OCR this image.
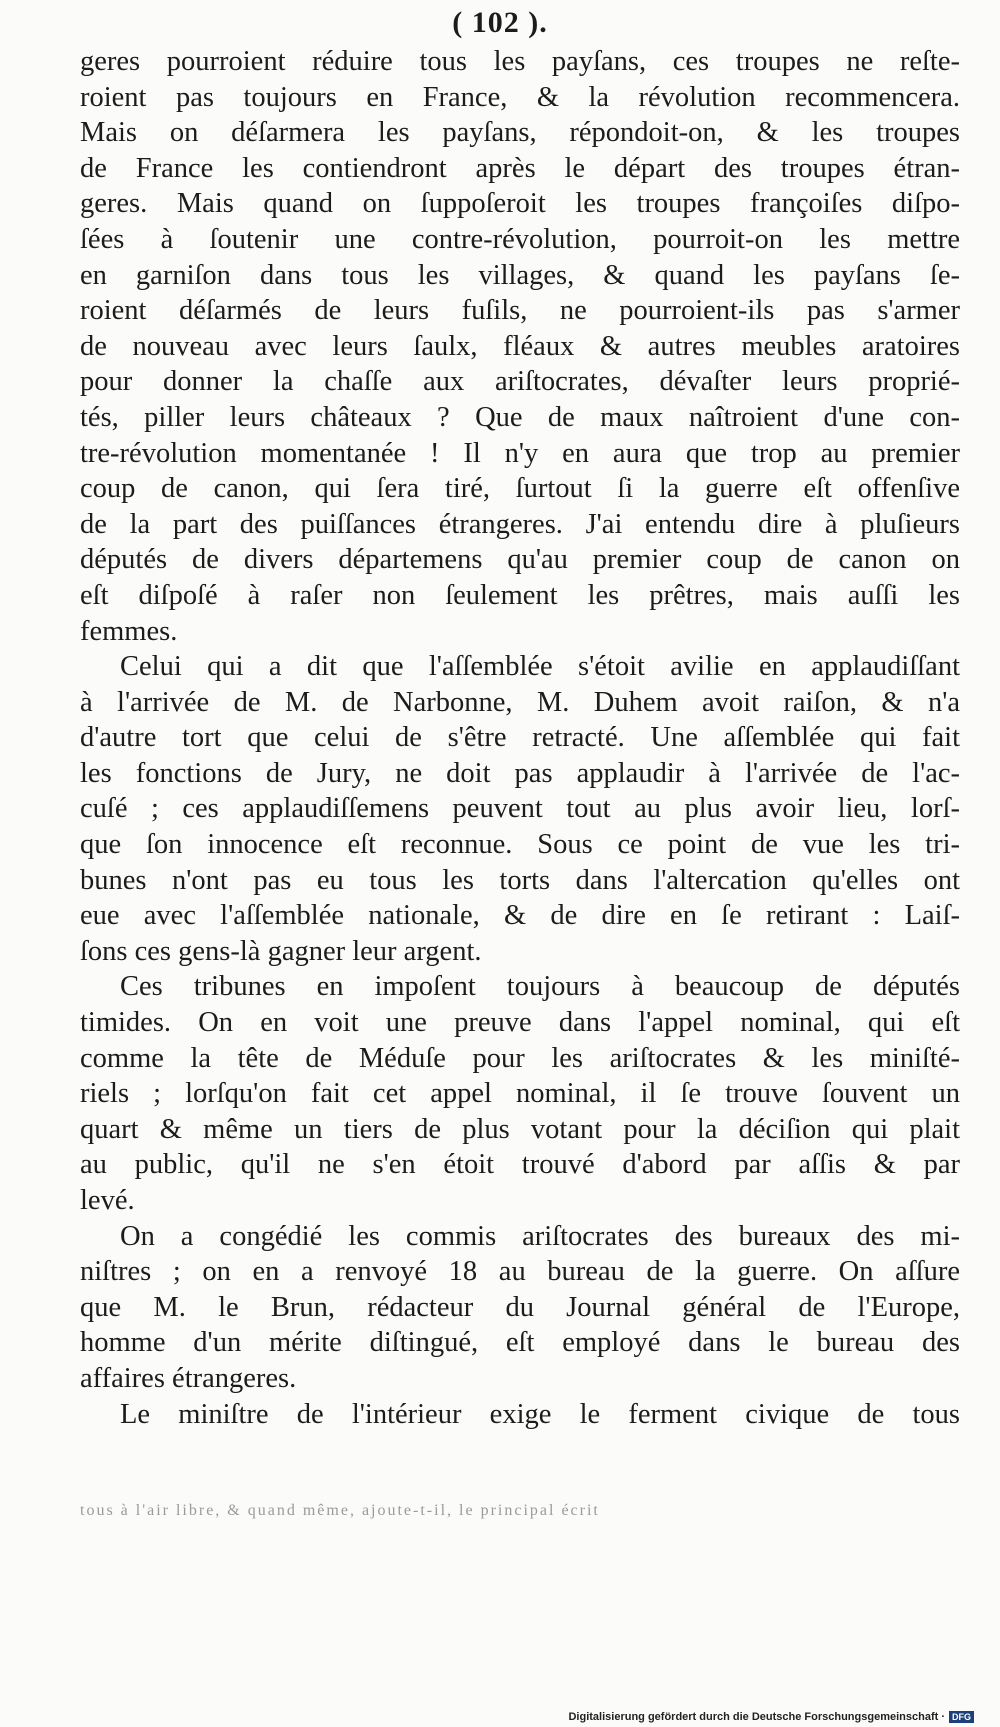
( 102 ).
geres pourroient réduire tous les payſans, ces troupes ne reſte-
roient pas toujours en France, & la révolution recommencera.
Mais on déſarmera les payſans, répondoit-on, & les troupes
de France les contiendront après le départ des troupes étran-
geres. Mais quand on ſuppoſeroit les troupes françoiſes diſpo-
ſées à ſoutenir une contre-révolution, pourroit-on les mettre
en garniſon dans tous les villages, & quand les payſans ſe-
roient déſarmés de leurs fuſils, ne pourroient-ils pas s'armer
de nouveau avec leurs ſaulx, fléaux & autres meubles aratoires
pour donner la chaſſe aux ariſtocrates, dévaſter leurs proprié-
tés, piller leurs châteaux ? Que de maux naîtroient d'une con-
tre-révolution momentanée ! Il n'y en aura que trop au premier
coup de canon, qui ſera tiré, ſurtout ſi la guerre eſt offenſive
de la part des puiſſances étrangeres. J'ai entendu dire à pluſieurs
députés de divers départemens qu'au premier coup de canon on
eſt diſpoſé à raſer non ſeulement les prêtres, mais auſſi les
femmes.
Celui qui a dit que l'aſſemblée s'étoit avilie en applaudiſſant
à l'arrivée de M. de Narbonne, M. Duhem avoit raiſon, & n'a
d'autre tort que celui de s'être retracté. Une aſſemblée qui fait
les fonctions de Jury, ne doit pas applaudir à l'arrivée de l'ac-
cuſé ; ces applaudiſſemens peuvent tout au plus avoir lieu, lorſ-
que ſon innocence eſt reconnue. Sous ce point de vue les tri-
bunes n'ont pas eu tous les torts dans l'altercation qu'elles ont
eue avec l'aſſemblée nationale, & de dire en ſe retirant : Laiſ-
ſons ces gens-là gagner leur argent.
Ces tribunes en impoſent toujours à beaucoup de députés
timides. On en voit une preuve dans l'appel nominal, qui eſt
comme la tête de Méduſe pour les ariſtocrates & les miniſté-
riels ; lorſqu'on fait cet appel nominal, il ſe trouve ſouvent un
quart & même un tiers de plus votant pour la déciſion qui plait
au public, qu'il ne s'en étoit trouvé d'abord par aſſis & par
levé.
On a congédié les commis ariſtocrates des bureaux des mi-
niſtres ; on en a renvoyé 18 au bureau de la guerre. On aſſure
que M. le Brun, rédacteur du Journal général de l'Europe,
homme d'un mérite diſtingué, eſt employé dans le bureau des
affaires étrangeres.
Le miniſtre de l'intérieur exige le ferment civique de tous
tous à l'air libre, & quand même, ajoute-t-il, le principal écrit
Digitalisierung gefördert durch die Deutsche Forschungsgemeinschaft · DFG
